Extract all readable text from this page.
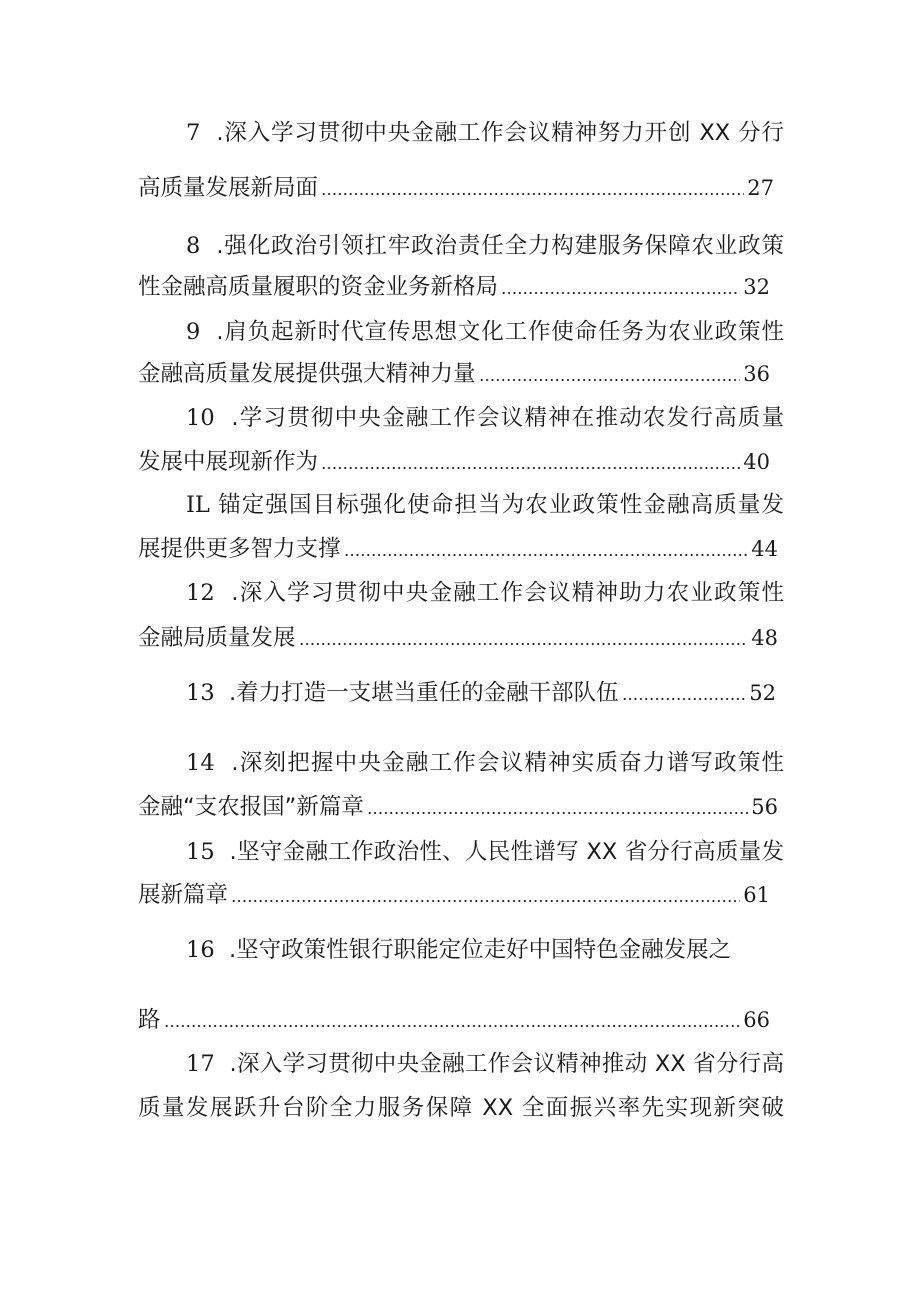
7 .深入学习贯彻中央金融工作会议精神努力开创 XX 分行
高质量发展新局面	27
8 .强化政治引领扛牢政治责任全力构建服务保障农业政策
性金融高质量履职的资金业务新格局	32
9 .肩负起新时代宣传思想文化工作使命任务为农业政策性
金融高质量发展提供强大精神力量	36
10 .学习贯彻中央金融工作会议精神在推动农发行高质量
发展中展现新作为	40
IL 锚定强国目标强化使命担当为农业政策性金融高质量发
展提供更多智力支撑	44
12 .深入学习贯彻中央金融工作会议精神助力农业政策性
金融局质量发展	48
13 .着力打造一支堪当重任的金融干部队伍	52
14 .深刻把握中央金融工作会议精神实质奋力谱写政策性
金融“支农报国”新篇章	56
15 .坚守金融工作政治性、人民性谱写 XX 省分行高质量发
展新篇章	61
16 .坚守政策性银行职能定位走好中国特色金融发展之
路	66
17 .深入学习贯彻中央金融工作会议精神推动 XX 省分行高
质量发展跃升台阶全力服务保障 XX 全面振兴率先实现新突破
